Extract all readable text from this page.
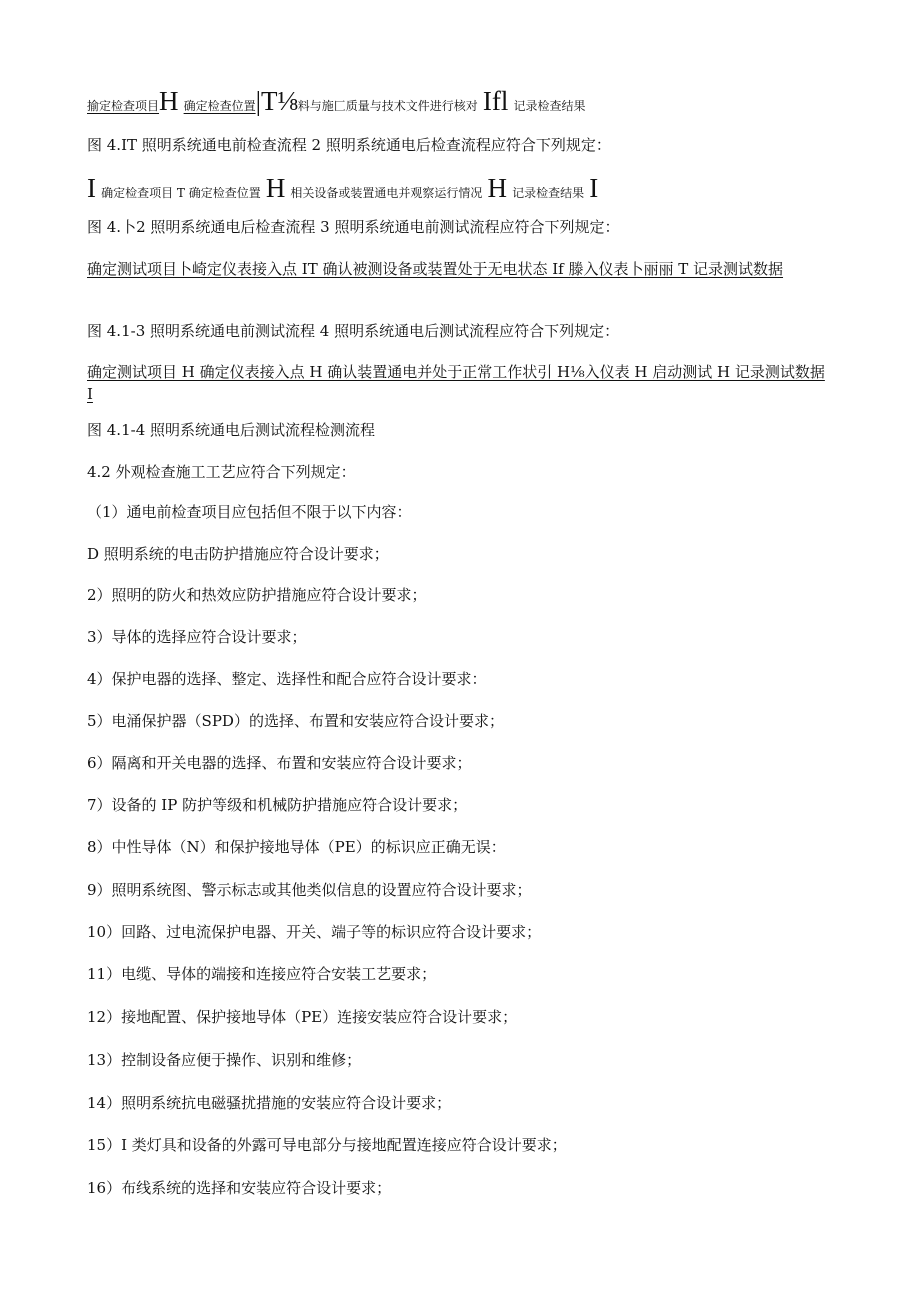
揄定检查项目H 确定检查位置|T⅛料与施匚质量与技术文件进行核对 Ifl 记录检查结果
图 4.IT 照明系统通电前检查流程 2 照明系统通电后检查流程应符合下列规定：
I 确定检查项目 T 确定检查位置 H 相关设备或装置通电并观察运行情况 H 记录检查结果 I
图 4.卜2 照明系统通电后检查流程 3 照明系统通电前测试流程应符合下列规定：
确定测试项目卜崎定仪表接入点 IT 确认被测设备或装置处于无电状态 If 滕入仪表卜丽丽 T 记录测试数据
图 4.1-3 照明系统通电前测试流程 4 照明系统通电后测试流程应符合下列规定：
确定测试项目 H 确定仪表接入点 H 确认装置通电并处于正常工作状引 H⅛入仪表 H 启动测试 H 记录测试数据 I
图 4.1-4 照明系统通电后测试流程检测流程
4.2 外观检查施工工艺应符合下列规定：
（1）通电前检查项目应包括但不限于以下内容：
D 照明系统的电击防护措施应符合设计要求；
2）照明的防火和热效应防护措施应符合设计要求；
3）导体的选择应符合设计要求；
4）保护电器的选择、整定、选择性和配合应符合设计要求：
5）电涌保护器（SPD）的选择、布置和安装应符合设计要求；
6）隔离和开关电器的选择、布置和安装应符合设计要求；
7）设备的 IP 防护等级和机械防护措施应符合设计要求；
8）中性导体（N）和保护接地导体（PE）的标识应正确无误：
9）照明系统图、警示标志或其他类似信息的设置应符合设计要求；
10）回路、过电流保护电器、开关、端子等的标识应符合设计要求；
11）电缆、导体的端接和连接应符合安装工艺要求；
12）接地配置、保护接地导体（PE）连接安装应符合设计要求；
13）控制设备应便于操作、识别和维修；
14）照明系统抗电磁骚扰措施的安装应符合设计要求；
15）I 类灯具和设备的外露可导电部分与接地配置连接应符合设计要求；
16）布线系统的选择和安装应符合设计要求；
